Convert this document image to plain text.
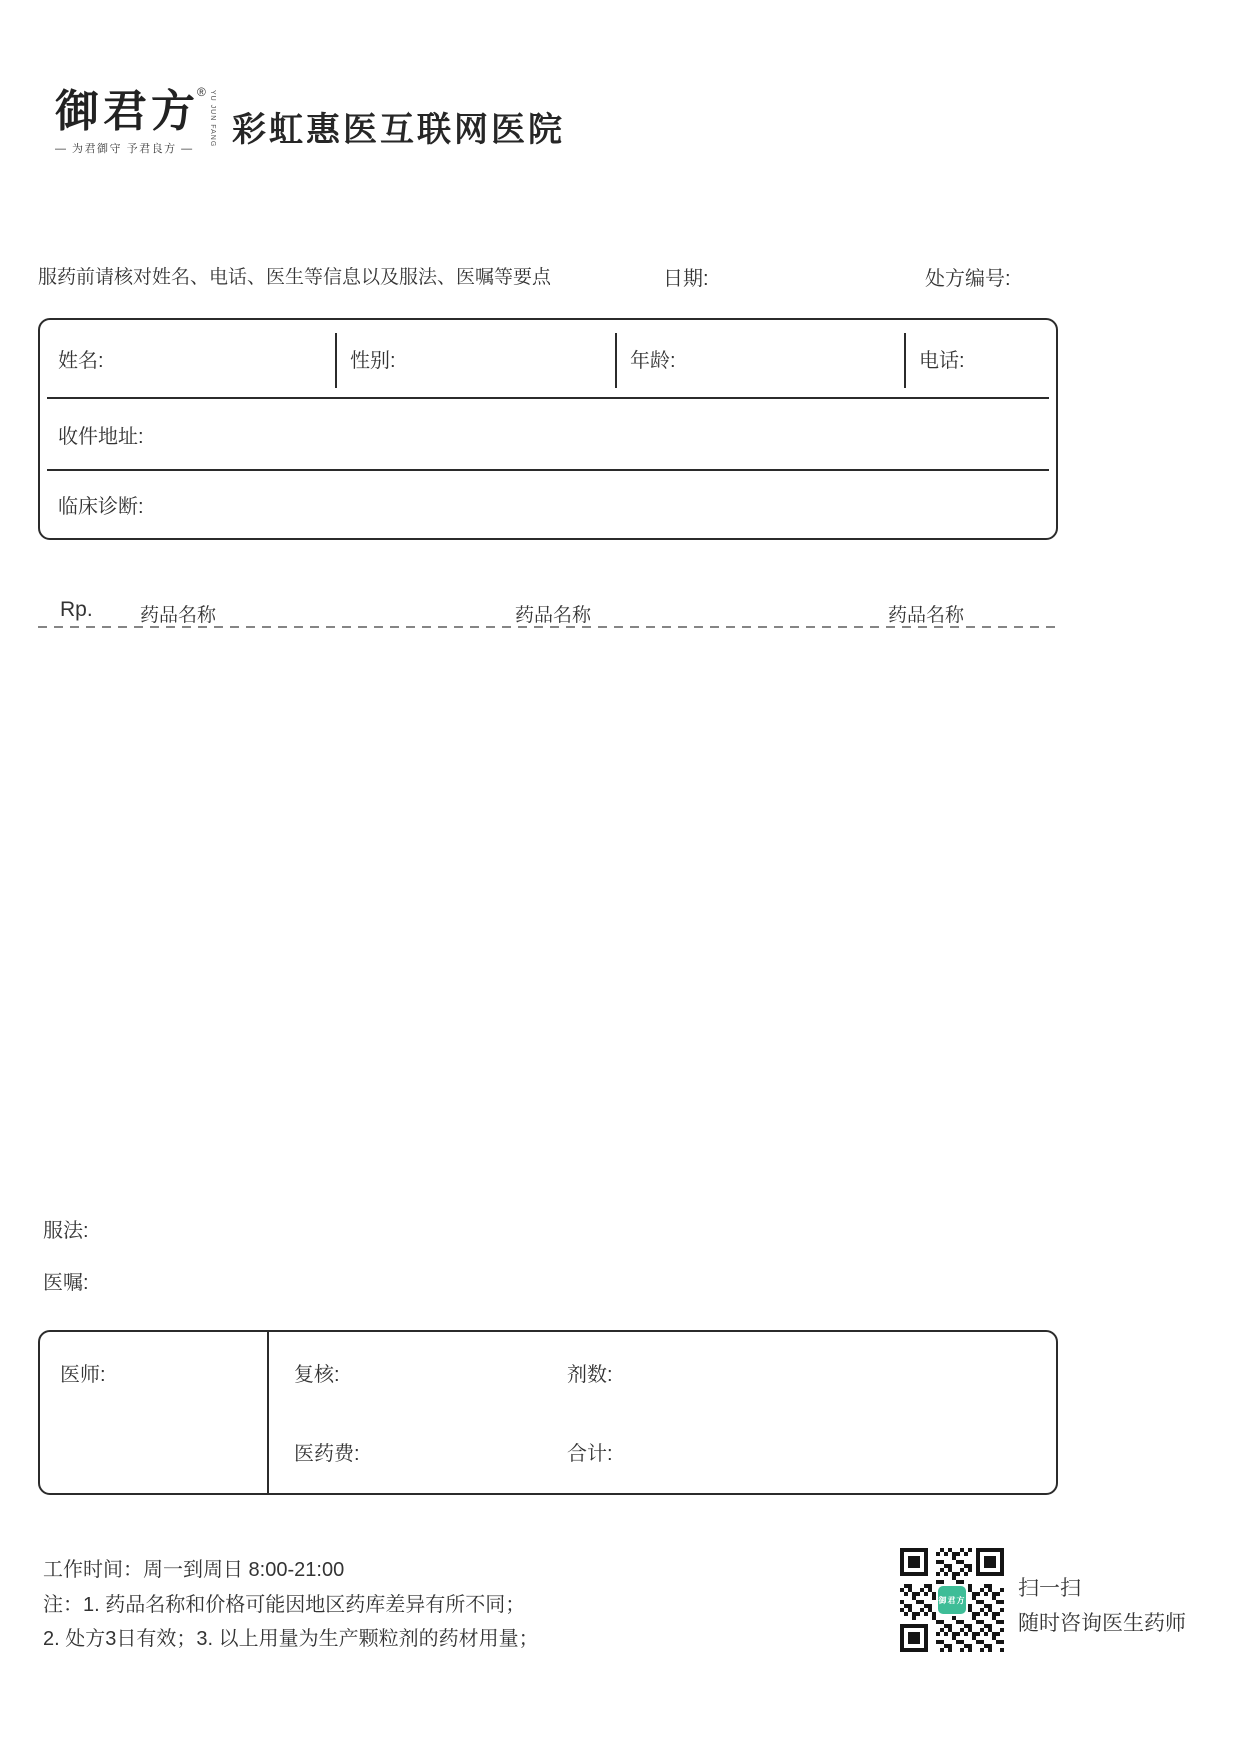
御君方® YU JUN FANG
— 为君御守 予君良方 —	彩虹惠医互联网医院
服药前请核对姓名、电话、医生等信息以及服法、医嘱等要点	日期:	处方编号:
姓名:	性别:	年龄:	电话:
收件地址:
临床诊断:
Rp. 药品名称	药品名称	药品名称
服法:
医嘱:
医师:	复核:	剂数:
医药费:	合计:
工作时间：周一到周日 8:00-21:00
注：1. 药品名称和价格可能因地区药库差异有所不同；
2. 处方3日有效；3. 以上用量为生产颗粒剂的药材用量；
御君方	扫一扫
随时咨询医生药师
